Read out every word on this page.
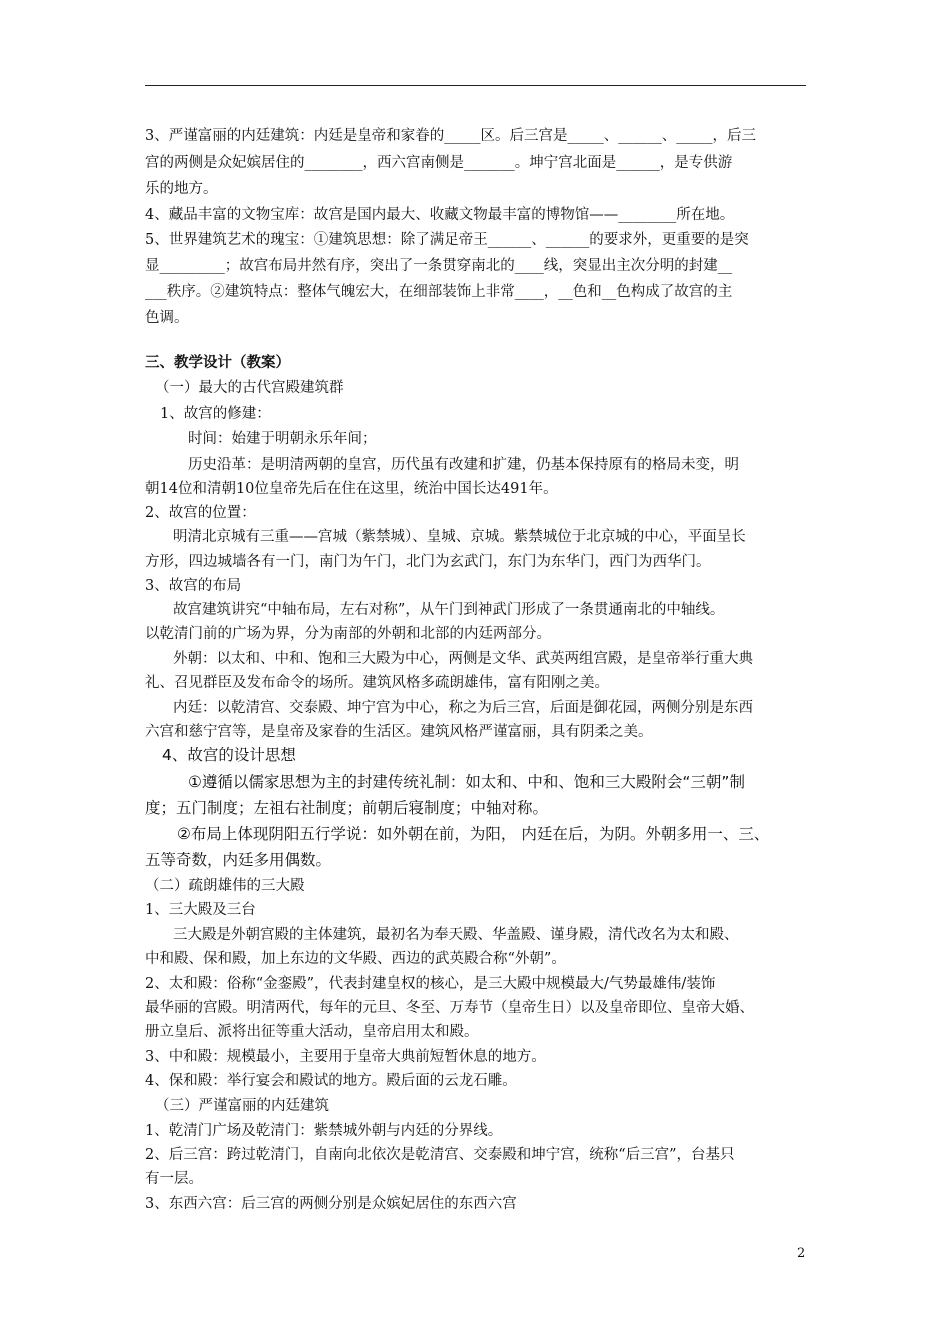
3、严谨富丽的内廷建筑：内廷是皇帝和家眷的_____区。后三宫是_____、______、_____，后三
宫的两侧是众妃嫔居住的________，西六宫南侧是_______。坤宁宫北面是______，是专供游
乐的地方。
4、藏品丰富的文物宝库：故宫是国内最大、收藏文物最丰富的博物馆——________所在地。
5、世界建筑艺术的瑰宝：①建筑思想：除了满足帝王______、______的要求外，更重要的是突
显_________；故宫布局井然有序，突出了一条贯穿南北的____线，突显出主次分明的封建__
___秩序。②建筑特点：整体气魄宏大，在细部装饰上非常____，__色和__色构成了故宫的主
色调。
三、教学设计（教案）
（一）最大的古代宫殿建筑群
1、故宫的修建：
时间：始建于明朝永乐年间；
历史沿革：是明清两朝的皇宫，历代虽有改建和扩建，仍基本保持原有的格局未变，明
朝14位和清朝10位皇帝先后在住在这里，统治中国长达491年。
2、故宫的位置：
明清北京城有三重——宫城（紫禁城）、皇城、京城。紫禁城位于北京城的中心，平面呈长
方形，四边城墙各有一门，南门为午门，北门为玄武门，东门为东华门，西门为西华门。
3、故宫的布局
故宫建筑讲究“中轴布局，左右对称”，从午门到神武门形成了一条贯通南北的中轴线。
以乾清门前的广场为界，分为南部的外朝和北部的内廷两部分。
外朝：以太和、中和、饱和三大殿为中心，两侧是文华、武英两组宫殿，是皇帝举行重大典
礼、召见群臣及发布命令的场所。建筑风格多疏朗雄伟，富有阳刚之美。
内廷：以乾清宫、交泰殿、坤宁宫为中心，称之为后三宫，后面是御花园，两侧分别是东西
六宫和慈宁宫等，是皇帝及家眷的生活区。建筑风格严谨富丽，具有阴柔之美。
4、故宫的设计思想
①遵循以儒家思想为主的封建传统礼制：如太和、中和、饱和三大殿附会“三朝”制
度；五门制度；左祖右社制度；前朝后寝制度；中轴对称。
②布局上体现阴阳五行学说：如外朝在前，为阳， 内廷在后，为阴。外朝多用一、三、
五等奇数，内廷多用偶数。
（二）疏朗雄伟的三大殿
1、三大殿及三台
三大殿是外朝宫殿的主体建筑，最初名为奉天殿、华盖殿、谨身殿，清代改名为太和殿、
中和殿、保和殿，加上东边的文华殿、西边的武英殿合称“外朝”。
2、太和殿：俗称“金銮殿”，代表封建皇权的核心，是三大殿中规模最大/气势最雄伟/装饰
最华丽的宫殿。明清两代，每年的元旦、冬至、万寿节（皇帝生日）以及皇帝即位、皇帝大婚、
册立皇后、派将出征等重大活动，皇帝启用太和殿。
3、中和殿：规模最小，主要用于皇帝大典前短暂休息的地方。
4、保和殿：举行宴会和殿试的地方。殿后面的云龙石雕。
（三）严谨富丽的内廷建筑
1、乾清门广场及乾清门：紫禁城外朝与内廷的分界线。
2、后三宫：跨过乾清门，自南向北依次是乾清宫、交泰殿和坤宁宫，统称“后三宫”，台基只
有一层。
3、东西六宫：后三宫的两侧分别是众嫔妃居住的东西六宫
2
